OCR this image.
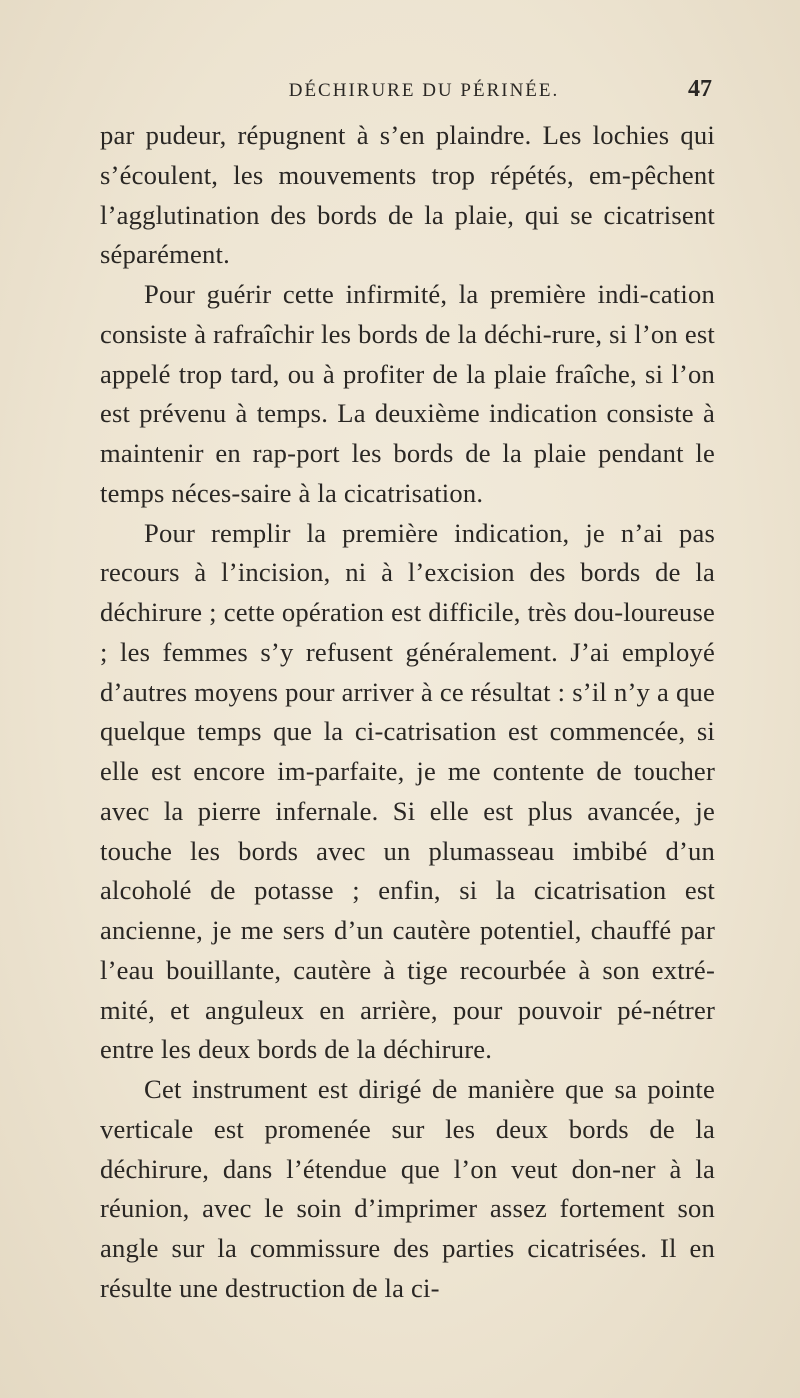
DÉCHIRURE DU PÉRINÉE.	47

par pudeur, répugnent à s’en plaindre. Les lochies qui s’écoulent, les mouvements trop répétés, em-pêchent l’agglutination des bords de la plaie, qui se cicatrisent séparément.

Pour guérir cette infirmité, la première indi-cation consiste à rafraîchir les bords de la déchi-rure, si l’on est appelé trop tard, ou à profiter de la plaie fraîche, si l’on est prévenu à temps. La deuxième indication consiste à maintenir en rap-port les bords de la plaie pendant le temps néces-saire à la cicatrisation.

Pour remplir la première indication, je n’ai pas recours à l’incision, ni à l’excision des bords de la déchirure ; cette opération est difficile, très dou-loureuse ; les femmes s’y refusent généralement. J’ai employé d’autres moyens pour arriver à ce résultat : s’il n’y a que quelque temps que la ci-catrisation est commencée, si elle est encore im-parfaite, je me contente de toucher avec la pierre infernale. Si elle est plus avancée, je touche les bords avec un plumasseau imbibé d’un alcoholé de potasse ; enfin, si la cicatrisation est ancienne, je me sers d’un cautère potentiel, chauffé par l’eau bouillante, cautère à tige recourbée à son extré-mité, et anguleux en arrière, pour pouvoir pé-nétrer entre les deux bords de la déchirure.

Cet instrument est dirigé de manière que sa pointe verticale est promenée sur les deux bords de la déchirure, dans l’étendue que l’on veut don-ner à la réunion, avec le soin d’imprimer assez fortement son angle sur la commissure des parties cicatrisées. Il en résulte une destruction de la ci-
